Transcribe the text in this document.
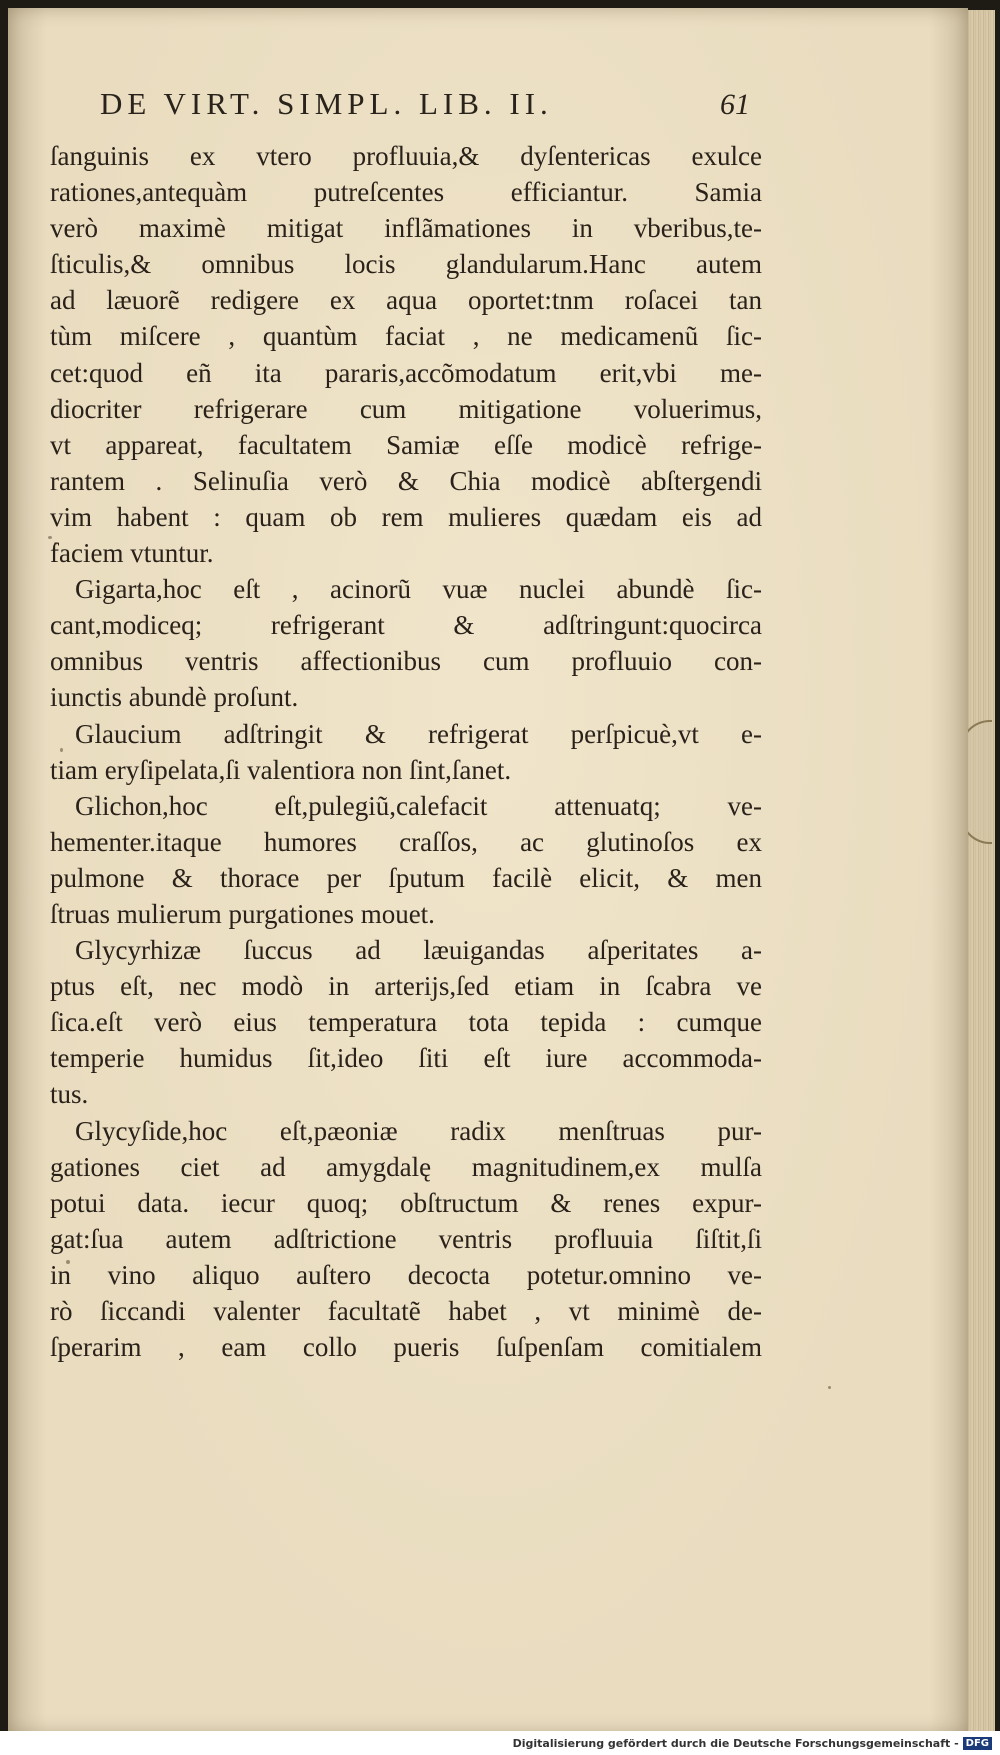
DE VIRT. SIMPL. LIB. II.	61
ſanguinis ex vtero profluuia,& dyſentericas exulce
rationes,antequàm putreſcentes efficiantur. Samia
verò maximè mitigat inflãmationes in vberibus,te-
ſticulis,& omnibus locis glandularum.Hanc autem
ad læuorẽ redigere ex aqua oportet:tnm roſacei tan
tùm miſcere , quantùm faciat , ne medicamenũ ſic-
cet:quod eñ ita pararis,accõmodatum erit,vbi me-
diocriter refrigerare cum mitigatione voluerimus,
vt appareat, facultatem Samiæ eſſe modicè refrige-
rantem . Selinuſia verò & Chia modicè abſtergendi
vim habent : quam ob rem mulieres quædam eis ad
faciem vtuntur.
Gigarta,hoc eſt , acinorũ vuæ nuclei abundè ſic-
cant,modiceq; refrigerant & adſtringunt:quocirca
omnibus ventris affectionibus cum profluuio con-
iunctis abundè proſunt.
Glaucium adſtringit & refrigerat perſpicuè,vt e-
tiam eryſipelata,ſi valentiora non ſint,ſanet.
Glichon,hoc eſt,pulegiũ,calefacit attenuatq; ve-
hementer.itaque humores craſſos, ac glutinoſos ex
pulmone & thorace per ſputum facilè elicit, & men
ſtruas mulierum purgationes mouet.
Glycyrhizæ ſuccus ad læuigandas aſperitates a-
ptus eſt, nec modò in arterijs,ſed etiam in ſcabra ve
ſica.eſt verò eius temperatura tota tepida : cumque
temperie humidus ſit,ideo ſiti eſt iure accommoda-
tus.
Glycyſide,hoc eſt,pæoniæ radix menſtruas pur-
gationes ciet ad amygdalę magnitudinem,ex mulſa
potui data. iecur quoq; obſtructum & renes expur-
gat:ſua autem adſtrictione ventris profluuia ſiſtit,ſi
in vino aliquo auſtero decocta potetur.omnino ve-
rò ſiccandi valenter facultatẽ habet , vt minimè de-
ſperarim , eam collo pueris ſuſpenſam comitialem
Digitalisierung gefördert durch die Deutsche Forschungsgemeinschaft - DFG
